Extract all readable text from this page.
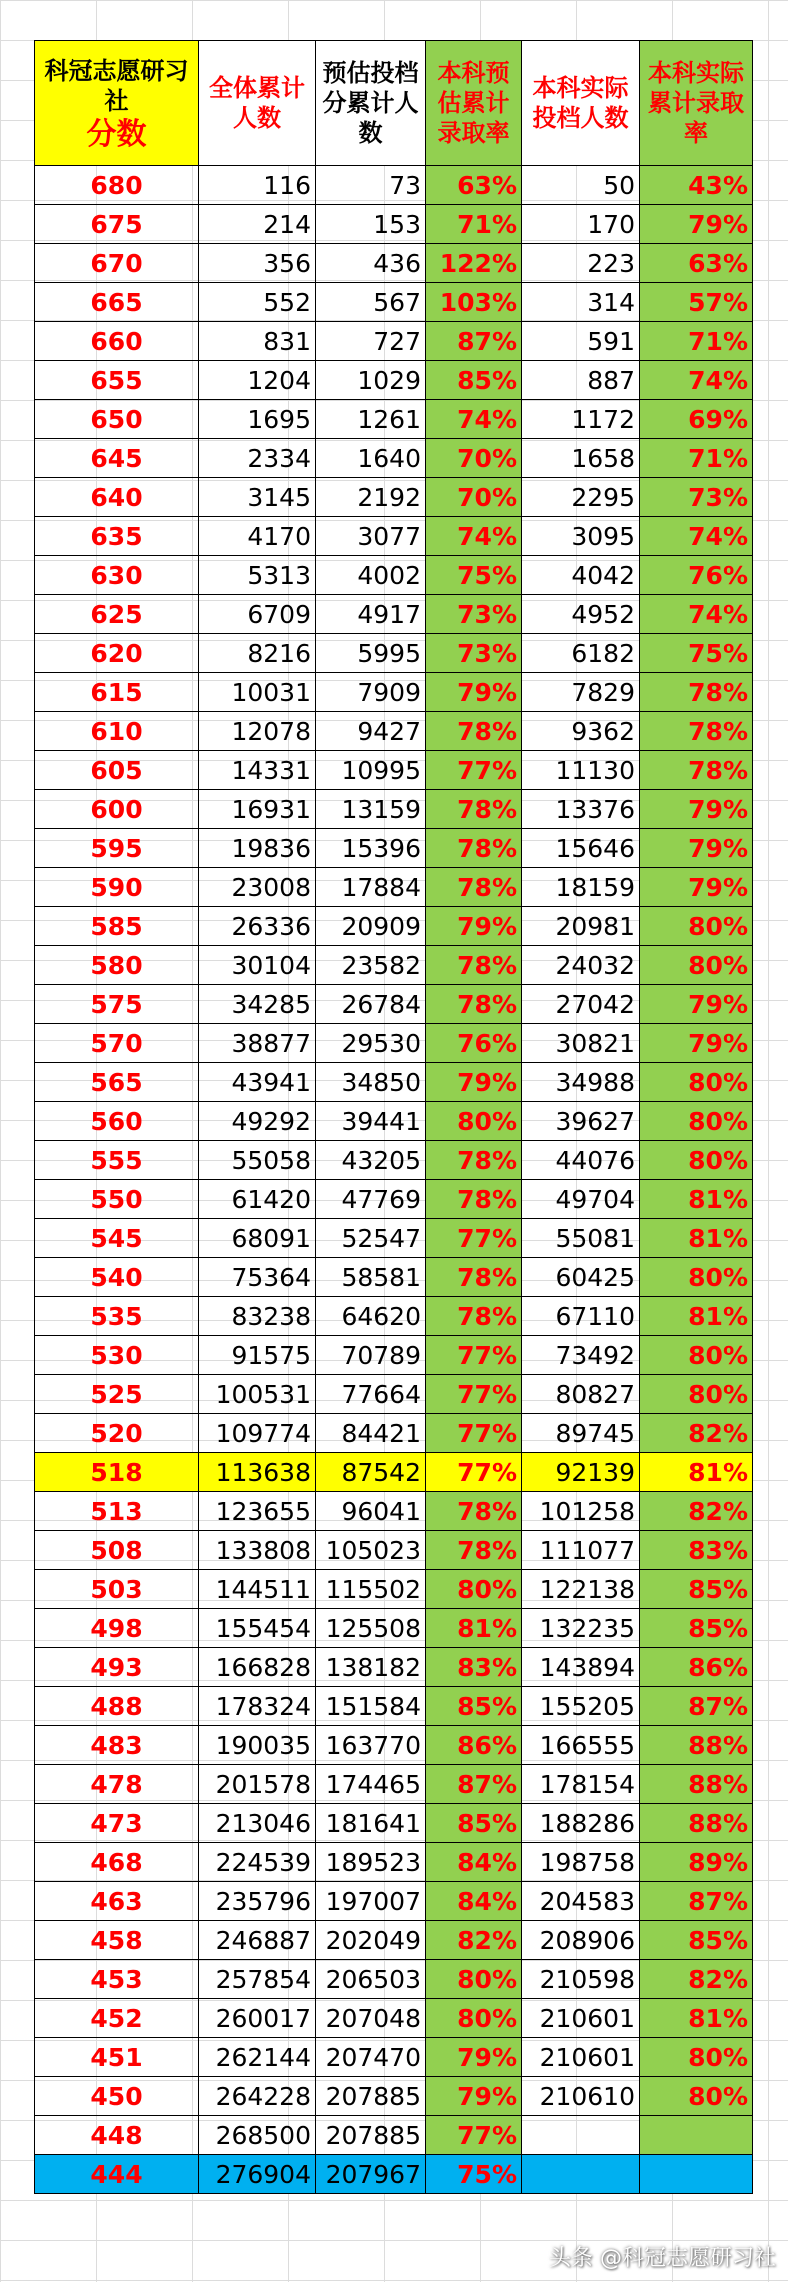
科冠志愿研习社
分数	全体累计人数	预估投档分累计人数	本科预估累计录取率	本科实际投档人数	本科实际累计录取率
680	116	73	63%	50	43%
675	214	153	71%	170	79%
670	356	436	122%	223	63%
665	552	567	103%	314	57%
660	831	727	87%	591	71%
655	1204	1029	85%	887	74%
650	1695	1261	74%	1172	69%
645	2334	1640	70%	1658	71%
640	3145	2192	70%	2295	73%
635	4170	3077	74%	3095	74%
630	5313	4002	75%	4042	76%
625	6709	4917	73%	4952	74%
620	8216	5995	73%	6182	75%
615	10031	7909	79%	7829	78%
610	12078	9427	78%	9362	78%
605	14331	10995	77%	11130	78%
600	16931	13159	78%	13376	79%
595	19836	15396	78%	15646	79%
590	23008	17884	78%	18159	79%
585	26336	20909	79%	20981	80%
580	30104	23582	78%	24032	80%
575	34285	26784	78%	27042	79%
570	38877	29530	76%	30821	79%
565	43941	34850	79%	34988	80%
560	49292	39441	80%	39627	80%
555	55058	43205	78%	44076	80%
550	61420	47769	78%	49704	81%
545	68091	52547	77%	55081	81%
540	75364	58581	78%	60425	80%
535	83238	64620	78%	67110	81%
530	91575	70789	77%	73492	80%
525	100531	77664	77%	80827	80%
520	109774	84421	77%	89745	82%
518	113638	87542	77%	92139	81%
513	123655	96041	78%	101258	82%
508	133808	105023	78%	111077	83%
503	144511	115502	80%	122138	85%
498	155454	125508	81%	132235	85%
493	166828	138182	83%	143894	86%
488	178324	151584	85%	155205	87%
483	190035	163770	86%	166555	88%
478	201578	174465	87%	178154	88%
473	213046	181641	85%	188286	88%
468	224539	189523	84%	198758	89%
463	235796	197007	84%	204583	87%
458	246887	202049	82%	208906	85%
453	257854	206503	80%	210598	82%
452	260017	207048	80%	210601	81%
451	262144	207470	79%	210601	80%
450	264228	207885	79%	210610	80%
448	268500	207885	77%		
444	276904	207967	75%		
头条 @科冠志愿研习社
